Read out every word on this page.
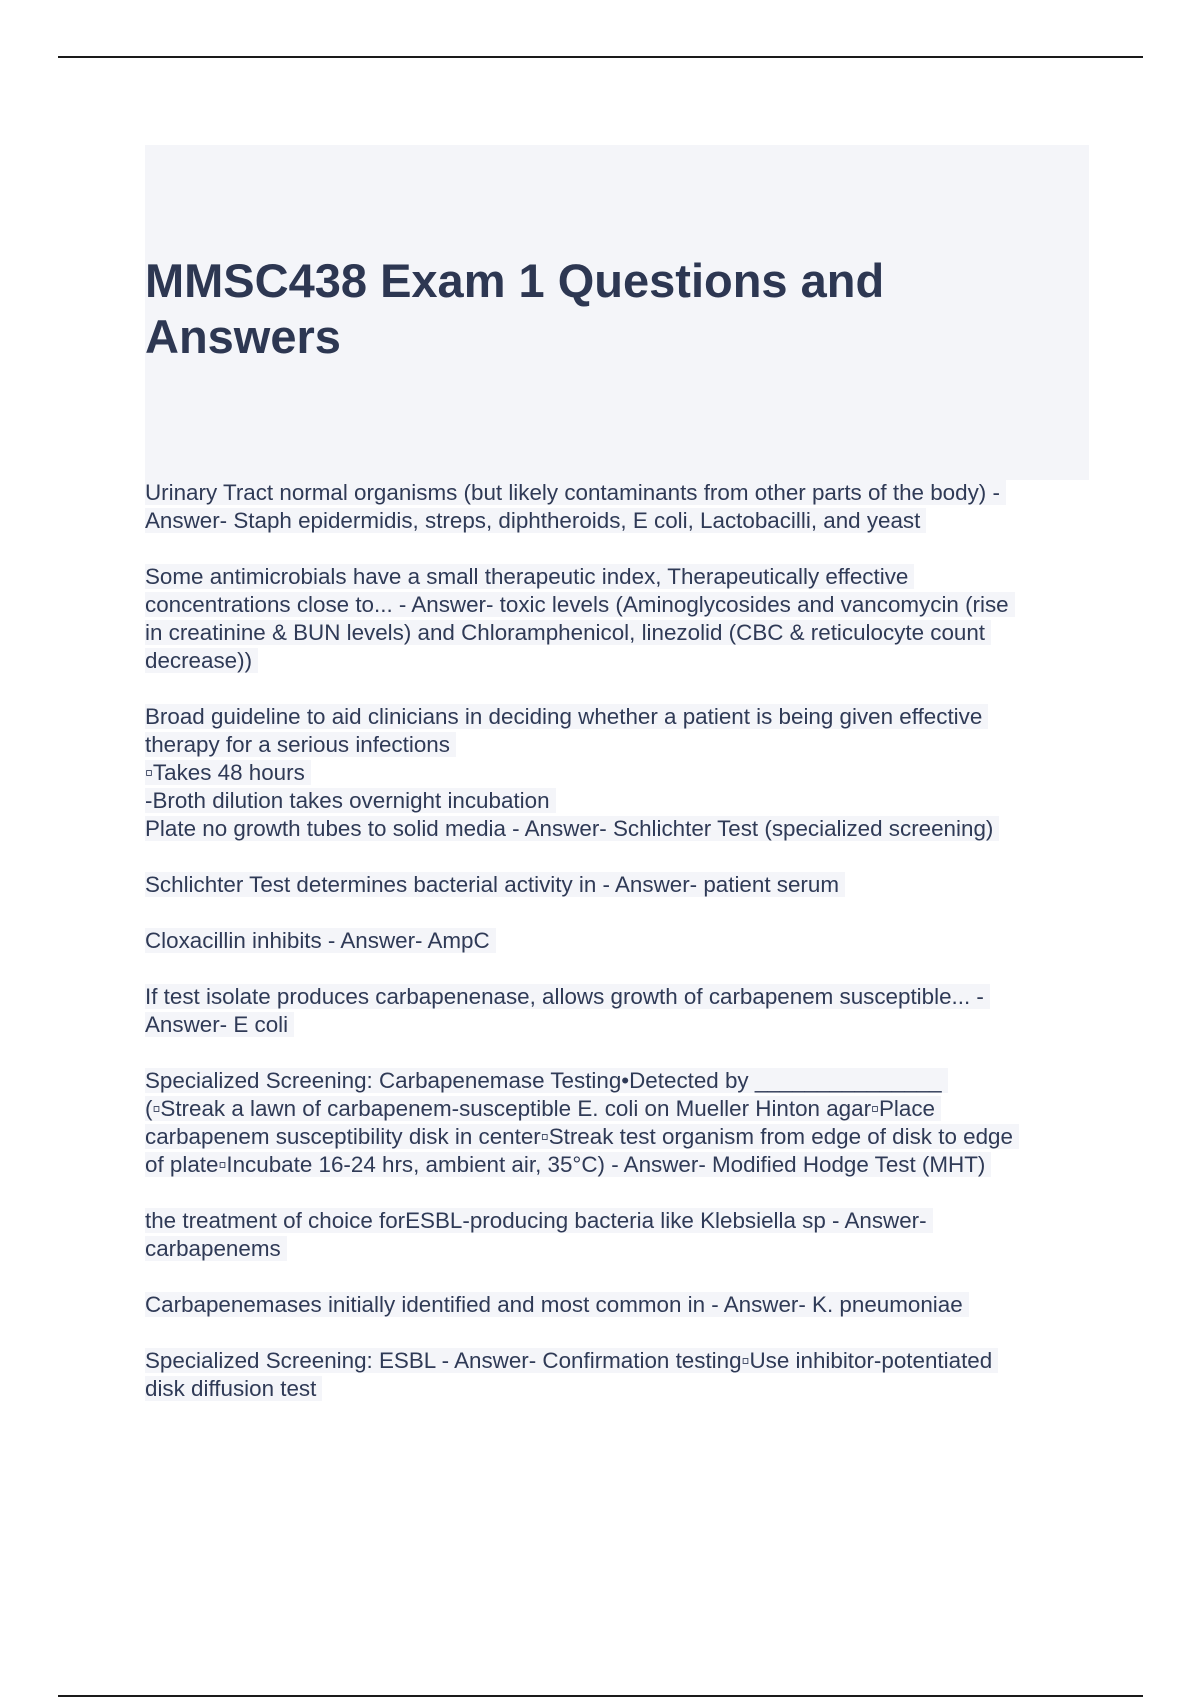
MMSC438 Exam 1 Questions and
Answers

Urinary Tract normal organisms (but likely contaminants from other parts of the body) -
Answer- Staph epidermidis, streps, diphtheroids, E coli, Lactobacilli, and yeast

Some antimicrobials have a small therapeutic index, Therapeutically effective
concentrations close to... - Answer- toxic levels (Aminoglycosides and vancomycin (rise
in creatinine & BUN levels) and Chloramphenicol, linezolid (CBC & reticulocyte count
decrease))

Broad guideline to aid clinicians in deciding whether a patient is being given effective
therapy for a serious infections
▫Takes 48 hours
-Broth dilution takes overnight incubation
Plate no growth tubes to solid media - Answer- Schlichter Test (specialized screening)

Schlichter Test determines bacterial activity in - Answer- patient serum

Cloxacillin inhibits - Answer- AmpC

If test isolate produces carbapenenase, allows growth of carbapenem susceptible... -
Answer- E coli

Specialized Screening: Carbapenemase Testing•Detected by _______________
(▫Streak a lawn of carbapenem-susceptible E. coli on Mueller Hinton agar▫Place
carbapenem susceptibility disk in center▫Streak test organism from edge of disk to edge
of plate▫Incubate 16-24 hrs, ambient air, 35°C) - Answer- Modified Hodge Test (MHT)

the treatment of choice forESBL-producing bacteria like Klebsiella sp - Answer-
carbapenems

Carbapenemases initially identified and most common in - Answer- K. pneumoniae

Specialized Screening: ESBL - Answer- Confirmation testing▫Use inhibitor-potentiated
disk diffusion test
